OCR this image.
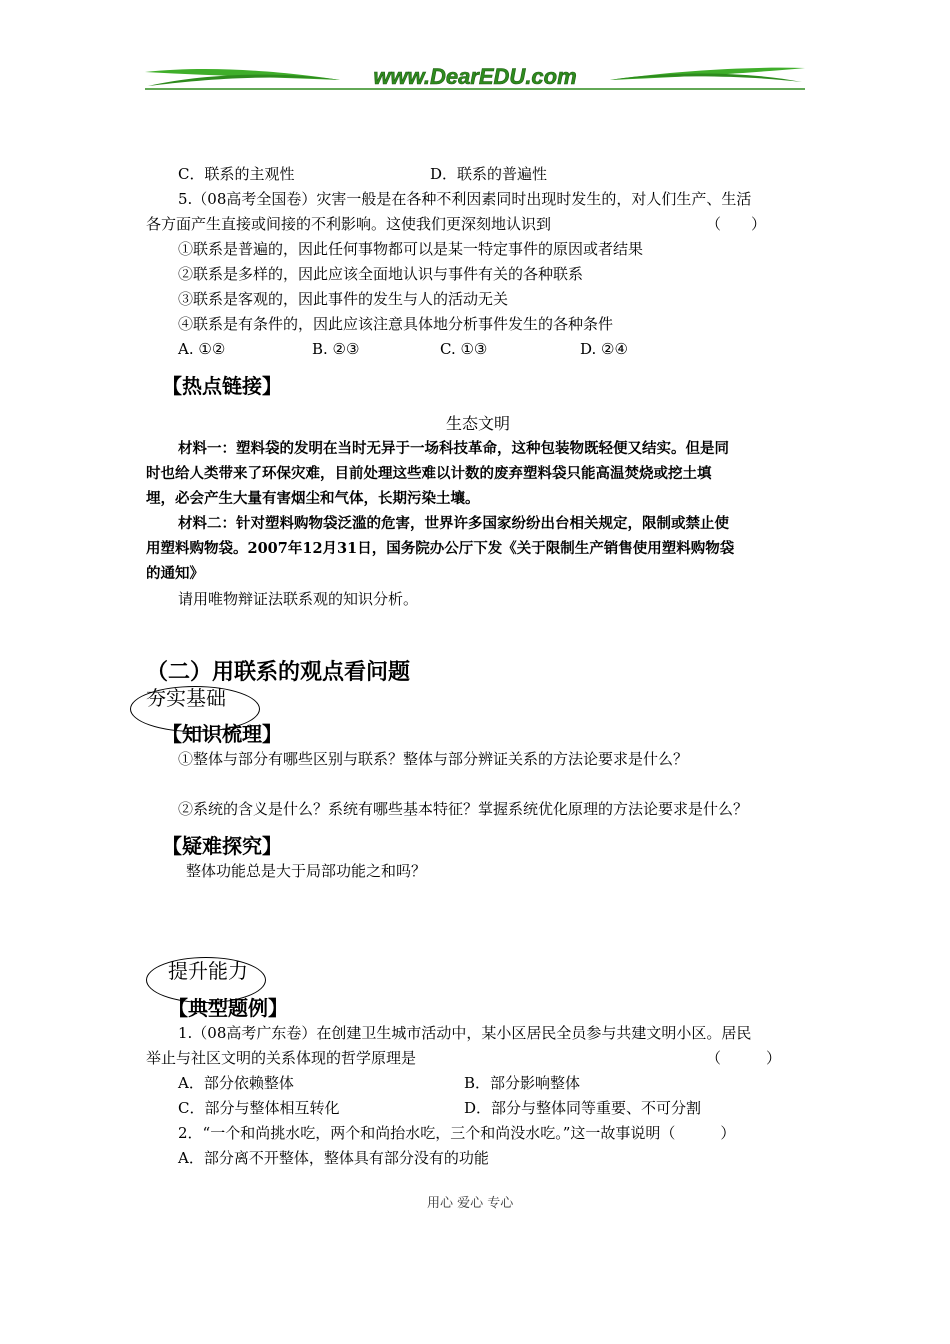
www.DearEDU.com
C．联系的主观性	D．联系的普遍性
5.（08高考全国卷）灾害一般是在各种不利因素同时出现时发生的，对人们生产、生活
各方面产生直接或间接的不利影响。这使我们更深刻地认识到	（　　）
①联系是普遍的，因此任何事物都可以是某一特定事件的原因或者结果
②联系是多样的，因此应该全面地认识与事件有关的各种联系
③联系是客观的，因此事件的发生与人的活动无关
④联系是有条件的，因此应该注意具体地分析事件发生的各种条件
A. ①②	B. ②③	C. ①③	D. ②④
【热点链接】
生态文明
材料一：塑料袋的发明在当时无异于一场科技革命，这种包装物既轻便又结实。但是同
时也给人类带来了环保灾难，目前处理这些难以计数的废弃塑料袋只能高温焚烧或挖土填
埋，必会产生大量有害烟尘和气体，长期污染土壤。
材料二：针对塑料购物袋泛滥的危害，世界许多国家纷纷出台相关规定，限制或禁止使
用塑料购物袋。2007年12月31日，国务院办公厅下发《关于限制生产销售使用塑料购物袋
的通知》
请用唯物辩证法联系观的知识分析。
（二）用联系的观点看问题
夯实基础
【知识梳理】
①整体与部分有哪些区别与联系？整体与部分辨证关系的方法论要求是什么？
②系统的含义是什么？系统有哪些基本特征？掌握系统优化原理的方法论要求是什么？
【疑难探究】
整体功能总是大于局部功能之和吗？
提升能力
【典型题例】
1.（08高考广东卷）在创建卫生城市活动中，某小区居民全员参与共建文明小区。居民
举止与社区文明的关系体现的哲学原理是	（　　　）
A．部分依赖整体	B．部分影响整体
C．部分与整体相互转化	D．部分与整体同等重要、不可分割
2．“一个和尚挑水吃，两个和尚抬水吃，三个和尚没水吃。”这一故事说明（　　　）
A．部分离不开整体，整体具有部分没有的功能
用心 爱心 专心
